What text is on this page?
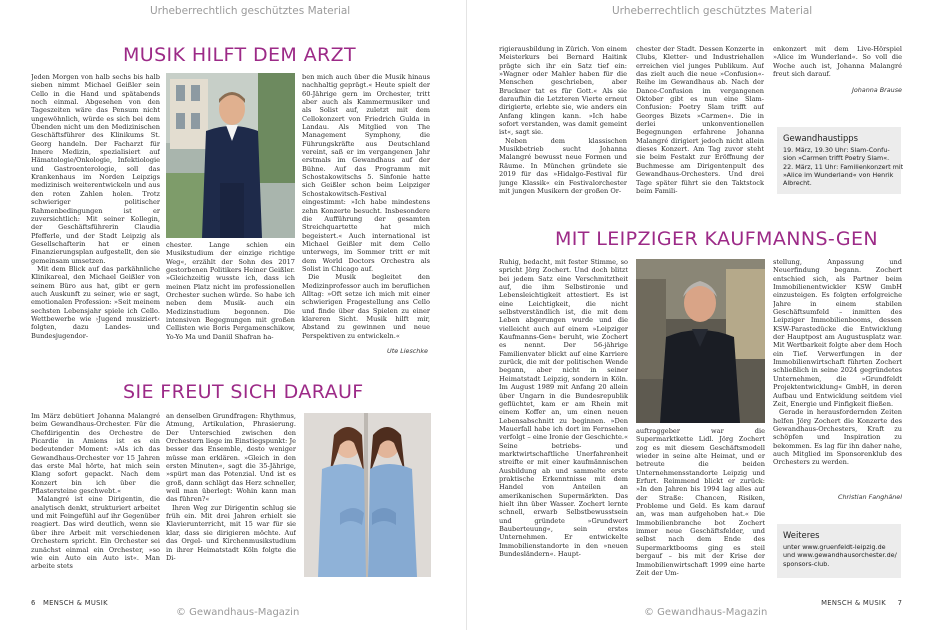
Urheberrechtlich geschütztes Material	Urheberrechtlich geschütztes Material
MUSIK HILFT DEM ARZT

Jeden Morgen von halb sechs bis halb sieben nimmt Michael Geißler sein Cello in die Hand und spätabends noch einmal. Abgesehen von den Tageszeiten wäre das Pensum nicht ungewöhnlich, würde es sich bei dem Übenden nicht um den Medizinischen Geschäftsführer des Klinikums St. Georg handeln. Der Facharzt für Innere Medizin, spezialisiert auf Hämatologie/Onkologie, Infektiologie und Gastroenterologie, soll das Krankenhaus im Norden Leipzigs medizinisch weiterentwickeln und aus den roten Zahlen holen. Trotz schwieriger politischer Rahmenbedingungen ist er zuversichtlich: Mit seiner Kollegin, der Geschäftsführerin Claudia Pfefferle, und der Stadt Leipzig als Gesellschafterin hat er einen Finanzierungsplan aufgestellt, den sie gemeinsam umsetzen.

Mit dem Blick auf das parkähnliche Klinikareal, den Michael Geißler von seinem Büro aus hat, gibt er gern auch Auskunft zu seiner, wie er sagt, emotionalen Profession: »Seit meinem sechsten Lebensjahr spiele ich Cello. Wettbewerbe wie ›Jugend musiziert‹ folgten, dazu Landes- und Bundesjugendor-

chester. Lange schien ein Musikstudium der einzige richtige Weg«, erzählt der Sohn des 2017 gestorbenen Politikers Heiner Geißler. »Gleichzeitig wusste ich, dass ich meinen Platz nicht im professionellen Orchester suchen würde. So habe ich neben dem Musik- auch ein Medizinstudium begonnen. Die intensiven Begegnungen mit großen Cellisten wie Boris Pergamenschikow, Yo-Yo Ma und Daniil Shafran ha-

ben mich auch über die Musik hinaus nachhaltig geprägt.« Heute spielt der 60-Jährige gern im Orchester, tritt aber auch als Kammermusiker und als Solist auf, zuletzt mit dem Cellokonzert von Friedrich Gulda in Landau. Als Mitglied von The Management Symphony, die Führungskräfte aus Deutschland vereint, saß er im vergangenen Jahr erstmals im Gewandhaus auf der Bühne. Auf das Programm mit Schostakowitschs 5. Sinfonie hatte sich Geißler schon beim Leipziger Schostakowitsch-Festival eingestimmt: »Ich habe mindestens zehn Konzerte besucht. Insbesondere die Aufführung der gesamten Streichquartette hat mich begeistert.« Auch international ist Michael Geißler mit dem Cello unterwegs, im Sommer tritt er mit dem World Doctors Orchestra als Solist in Chicago auf.

Die Musik begleitet den Medizinprofessor auch im beruflichen Alltag: »Oft setze ich mich mit einer schwierigen Fragestellung ans Cello und finde über das Spielen zu einer klareren Sicht. Musik hilft mir, Abstand zu gewinnen und neue Perspektiven zu entwickeln.«

Ute Lieschke
SIE FREUT SICH DARAUF

Im März debütiert Johanna Malangré beim Gewandhaus-Orchester. Für die Chefdirigentin des Orchestre de Picardie in Amiens ist es ein bedeutender Moment: »Als ich das Gewandhaus-Orchester vor 15 Jahren das erste Mal hörte, hat mich sein Klang sofort gepackt. Nach dem Konzert bin ich über die Pflastersteine geschwebt.«

Malangré ist eine Dirigentin, die analytisch denkt, strukturiert arbeitet und mit Feingefühl auf ihr Gegenüber reagiert. Das wird deutlich, wenn sie über ihre Arbeit mit verschiedenen Orchestern spricht. Ein Orchester sei zunächst einmal ein Orchester, »so wie ein Auto ein Auto ist«. Man arbeite stets

an denselben Grundfragen: Rhythmus, Atmung, Artikulation, Phrasierung. Der Unterschied zwischen den Orchestern liege im Einstiegspunkt: Je besser das Ensemble, desto weniger müsse man erklären. »Gleich in den ersten Minuten«, sagt die 35-Jährige, »spürt man das Potenzial. Und ist es groß, dann schlägt das Herz schneller, weil man überlegt: Wohin kann man das führen?«

Ihren Weg zur Dirigentin schlug sie früh ein. Mit drei Jahren erhielt sie Klavierunterricht, mit 15 war für sie klar, dass sie dirigieren möchte. Auf das Orgel- und Kirchenmusikstudium in ihrer Heimatstadt Köln folgte die Di-

6 MENSCH & MUSIK
© Gewandhaus-Magazin

rigierausbildung in Zürich. Von einem Meisterkurs bei Bernard Haitink prägte sich ihr ein Satz tief ein: »Wagner oder Mahler haben für die Menschen geschrieben, aber Bruckner tat es für Gott.« Als sie daraufhin die Letzteren Vierte erneut dirigierte, erlebte sie, wie anders ein Anfang klingen kann. »Ich habe sofort verstanden, was damit gemeint ist«, sagt sie.

Neben dem klassischen Musikbetrieb sucht Johanna Malangré bewusst neue Formen und Räume. In München gründete sie 2019 für das »Hidalgo-Festival für junge Klassik« ein Festivalorchester mit jungen Musikern der großen Or-

chester der Stadt. Dessen Konzerte in Clubs, Kletter- und Industriehallen erreichen viel junges Publikum. Auf das zielt auch die neue »Confusion«-Reihe im Gewandhaus ab. Nach der Dance-Confusion im vergangenen Oktober gibt es nun eine Slam-Confusion: Poetry Slam trifft auf Georges Bizets »Carmen«. Die in derlei unkonventionellen Begegnungen erfahrene Johanna Malangré dirigiert jedoch nicht allein dieses Konzert. Am Tag zuvor steht sie beim Festakt zur Eröffnung der Buchmesse am Dirigentenpult des Gewandhaus-Orchesters. Und drei Tage später führt sie den Taktstock beim Famili-

enkonzert mit dem Live-Hörspiel »Alice im Wunderland«. So voll die Woche auch ist, Johanna Malangré freut sich darauf.

Johanna Brause
Gewandhaustipps
19. März, 19.30 Uhr: Slam-Confu-
sion »Carmen trifft Poetry Slam«.
22. März, 11 Uhr: Familienkonzert mit
»Alice im Wunderland« von Henrik
Albrecht.
MIT LEIPZIGER KAUFMANNS-GEN

Ruhig, bedacht, mit fester Stimme, so spricht Jörg Zochert. Und doch blitzt bei jedem Satz eine Verschmitztheit auf, die ihm Selbstironie und Lebensleichtigkeit attestiert. Es ist eine Leichtigkeit, die nicht selbstverständlich ist, die mit dem Leben abgerungen wurde und die vielleicht auch auf einem »Leipziger Kaufmanns-Gen« beruht, wie Zochert es nennt. Der 56-jährige Familienvater blickt auf eine Karriere zurück, die mit der politischen Wende begann, aber nicht in seiner Heimatstadt Leipzig, sondern in Köln. Im August 1989 mit Anfang 20 allein über Ungarn in die Bundesrepublik geflüchtet, kam er am Rhein mit einem Koffer an, um einen neuen Lebensabschnitt zu beginnen. »Den Mauerfall habe ich dort im Fernsehen verfolgt – eine Ironie der Geschichte.« Seine betriebs- und marktwirtschaftliche Unerfahrenheit streifte er mit einer kaufmännischen Ausbildung ab und sammelte erste praktische Erkenntnisse mit dem Handel von Anteilen an amerikanischen Supermärkten. Das hielt ihn über Wasser. Zochert lernte schnell, erwarb Selbstbewusstsein und gründete »Grundwert Bauberteuung«, sein erstes Unternehmen. Er entwickelte Immobilienstandorte in den »neuen Bundesländern«. Haupt-

auftraggeber war die Supermarktkette Lidl. Jörg Zochert zog es mit diesem Geschäftsmodell wieder in seine alte Heimat, und er betreute die beiden Unternehmensstandorte Leipzig und Erfurt. Reimmend blickt er zurück: »In den Jahren bis 1994 lag alles auf der Straße: Chancen, Risiken, Probleme und Geld. Es kam darauf an, was man aufgehoben hat.« Die Immobilienbranche bot Zochert immer neue Geschäftsfelder, und selbst nach dem Ende des Supermarktbooms ging es steil bergauf – bis mit der Krise der Immobilienwirtschaft 1999 eine harte Zeit der Um-

stellung, Anpassung und Neuerfindung begann. Zochert entschied sich, als Partner beim Immobilienentwickler KSW GmbH einzusteigen. Es folgten erfolgreiche Jahre in einem stabilen Geschäftsumfeld – inmitten des Leipziger Immobilienbooms, dessen KSW-Parastedücke die Entwicklung der Hauptpost am Augustusplatz war. Mit Wertbarkeit folgte aber dem Hoch ein Tief. Verwerfungen in der Immobilienwirtschaft führten Zochert schließlich in seine 2024 gegründetes Unternehmen, die »Grundfeldt Projektentwicklung« GmbH, in deren Aufbau und Entwicklung seitdem viel Zeit, Energie und Finfigkeit fließen.

Gerade in herausfordernden Zeiten helfen Jörg Zochert die Konzerte des Gewandhaus-Orchesters, Kraft zu schöpfen und Inspiration zu bekommen. Es lag für ihn daher nahe, auch Mitglied im Sponsorenklub des Orchesters zu werden.

Christian Fanghänel
Weiteres
unter www.gruenfeldt-leipzig.de
und www.gewandhausorchester.de/
sponsors-club.
MENSCH & MUSIK 7
© Gewandhaus-Magazin
